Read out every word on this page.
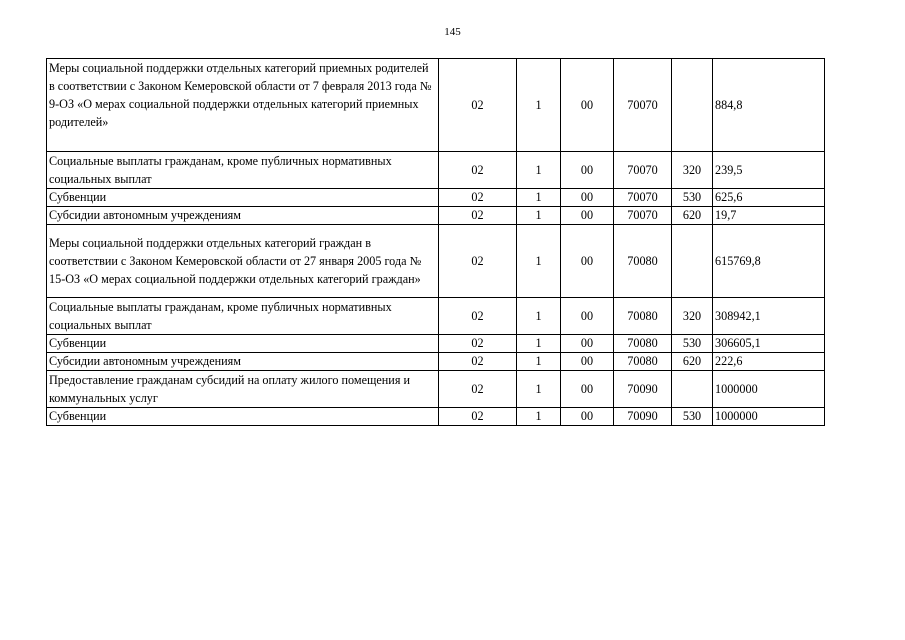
145
Меры социальной поддержки отдельных категорий приемных родителей в соответствии с Законом Кемеровской области от 7 февраля 2013 года № 9-ОЗ «О мерах социальной поддержки отдельных категорий приемных родителей»	02	1	00	70070		884,8
Социальные выплаты гражданам, кроме публичных нормативных социальных выплат	02	1	00	70070	320	239,5
Субвенции	02	1	00	70070	530	625,6
Субсидии автономным учреждениям	02	1	00	70070	620	19,7
Меры социальной поддержки отдельных категорий граждан в соответствии с Законом Кемеровской области от 27 января 2005 года № 15-ОЗ «О мерах социальной поддержки отдельных категорий граждан»	02	1	00	70080		615769,8
Социальные выплаты гражданам, кроме публичных нормативных социальных выплат	02	1	00	70080	320	308942,1
Субвенции	02	1	00	70080	530	306605,1
Субсидии автономным учреждениям	02	1	00	70080	620	222,6
Предоставление гражданам субсидий на оплату жилого помещения и коммунальных услуг	02	1	00	70090		1000000
Субвенции	02	1	00	70090	530	1000000
